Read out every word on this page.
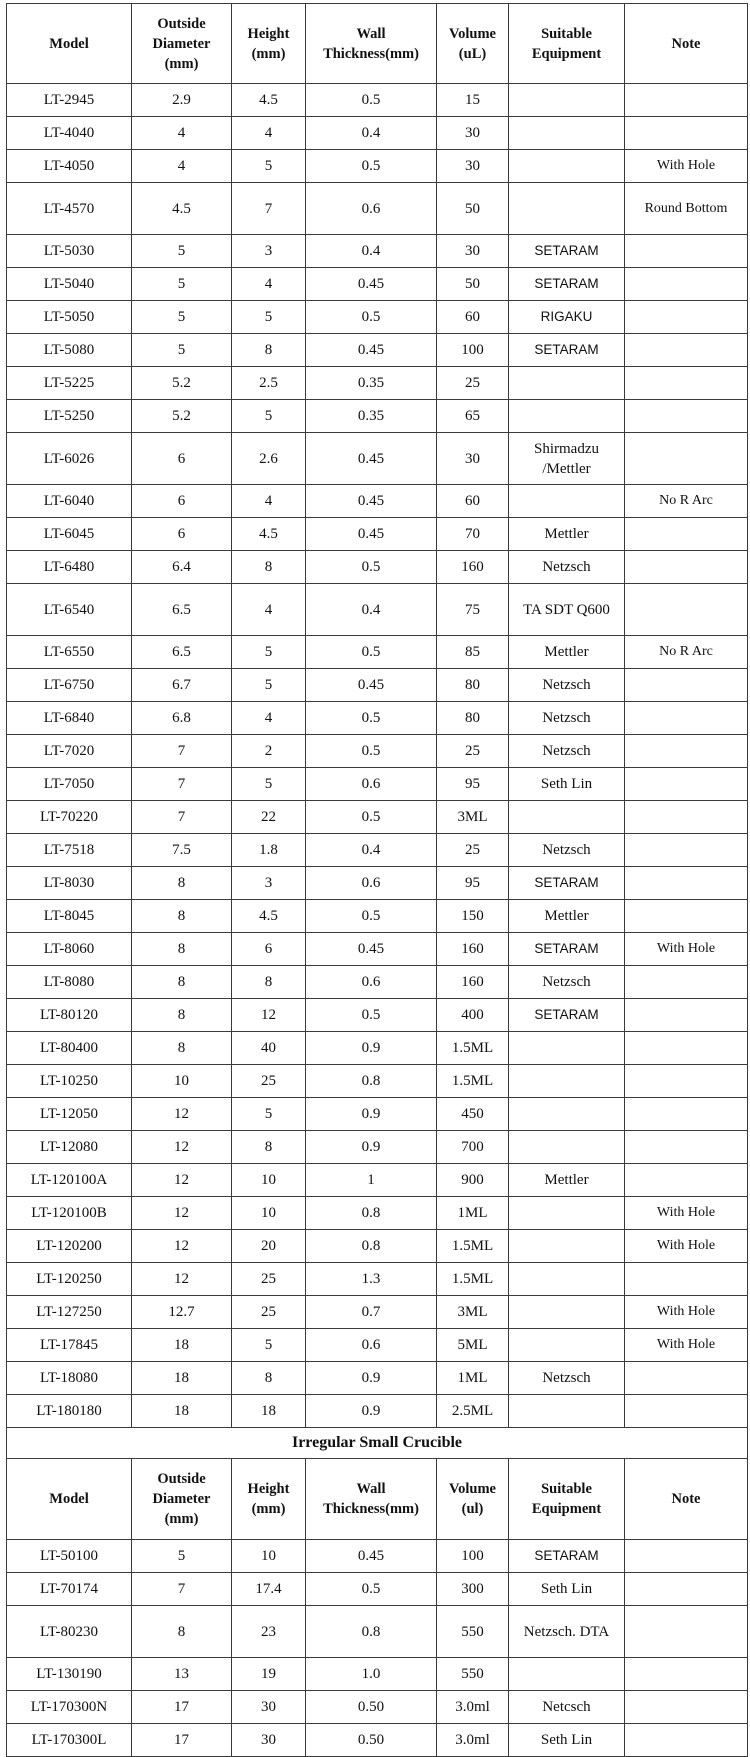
Model	Outside Diameter (mm)	Height (mm)	Wall Thickness(mm)	Volume (uL)	Suitable Equipment	Note
LT-2945	2.9	4.5	0.5	15		
LT-4040	4	4	0.4	30		
LT-4050	4	5	0.5	30		With Hole
LT-4570	4.5	7	0.6	50		Round Bottom
LT-5030	5	3	0.4	30	SETARAM	
LT-5040	5	4	0.45	50	SETARAM	
LT-5050	5	5	0.5	60	RIGAKU	
LT-5080	5	8	0.45	100	SETARAM	
LT-5225	5.2	2.5	0.35	25		
LT-5250	5.2	5	0.35	65		
LT-6026	6	2.6	0.45	30	Shirmadzu /Mettler	
LT-6040	6	4	0.45	60		No R Arc
LT-6045	6	4.5	0.45	70	Mettler	
LT-6480	6.4	8	0.5	160	Netzsch	
LT-6540	6.5	4	0.4	75	TA SDT Q600	
LT-6550	6.5	5	0.5	85	Mettler	No R Arc
LT-6750	6.7	5	0.45	80	Netzsch	
LT-6840	6.8	4	0.5	80	Netzsch	
LT-7020	7	2	0.5	25	Netzsch	
LT-7050	7	5	0.6	95	Seth Lin	
LT-70220	7	22	0.5	3ML		
LT-7518	7.5	1.8	0.4	25	Netzsch	
LT-8030	8	3	0.6	95	SETARAM	
LT-8045	8	4.5	0.5	150	Mettler	
LT-8060	8	6	0.45	160	SETARAM	With Hole
LT-8080	8	8	0.6	160	Netzsch	
LT-80120	8	12	0.5	400	SETARAM	
LT-80400	8	40	0.9	1.5ML		
LT-10250	10	25	0.8	1.5ML		
LT-12050	12	5	0.9	450		
LT-12080	12	8	0.9	700		
LT-120100A	12	10	1	900	Mettler	
LT-120100B	12	10	0.8	1ML		With Hole
LT-120200	12	20	0.8	1.5ML		With Hole
LT-120250	12	25	1.3	1.5ML		
LT-127250	12.7	25	0.7	3ML		With Hole
LT-17845	18	5	0.6	5ML		With Hole
LT-18080	18	8	0.9	1ML	Netzsch	
LT-180180	18	18	0.9	2.5ML		
Irregular Small Crucible						
Model	Outside Diameter (mm)	Height (mm)	Wall Thickness(mm)	Volume (ul)	Suitable Equipment	Note
LT-50100	5	10	0.45	100	SETARAM	
LT-70174	7	17.4	0.5	300	Seth Lin	
LT-80230	8	23	0.8	550	Netzsch. DTA	
LT-130190	13	19	1.0	550		
LT-170300N	17	30	0.50	3.0ml	Netcsch	
LT-170300L	17	30	0.50	3.0ml	Seth Lin	
